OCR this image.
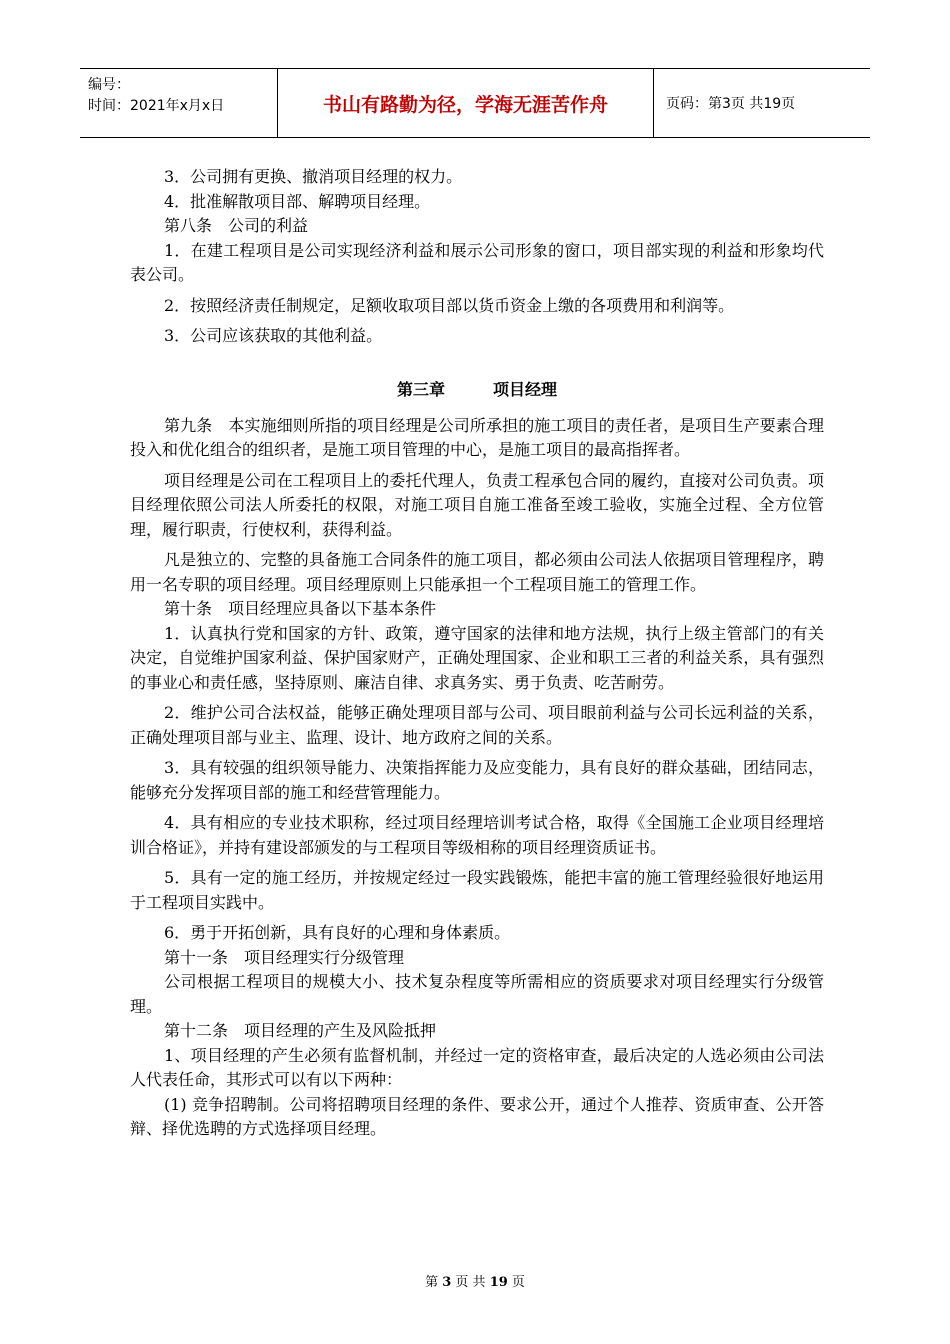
编号：
时间：2021年x月x日	书山有路勤为径，学海无涯苦作舟	页码：第3页 共19页

3．公司拥有更换、撤消项目经理的权力。

4．批准解散项目部、解聘项目经理。

第八条　公司的利益

1．在建工程项目是公司实现经济利益和展示公司形象的窗口，项目部实现的利益和形象均代表公司。

2．按照经济责任制规定，足额收取项目部以货币资金上缴的各项费用和利润等。

3．公司应该获取的其他利益。

第三章	项目经理

第九条　本实施细则所指的项目经理是公司所承担的施工项目的责任者，是项目生产要素合理投入和优化组合的组织者，是施工项目管理的中心，是施工项目的最高指挥者。

项目经理是公司在工程项目上的委托代理人，负责工程承包合同的履约，直接对公司负责。项目经理依照公司法人所委托的权限，对施工项目自施工准备至竣工验收，实施全过程、全方位管理，履行职责，行使权利，获得利益。

凡是独立的、完整的具备施工合同条件的施工项目，都必须由公司法人依据项目管理程序，聘用一名专职的项目经理。项目经理原则上只能承担一个工程项目施工的管理工作。

第十条　项目经理应具备以下基本条件

1．认真执行党和国家的方针、政策，遵守国家的法律和地方法规，执行上级主管部门的有关决定，自觉维护国家利益、保护国家财产，正确处理国家、企业和职工三者的利益关系，具有强烈的事业心和责任感，坚持原则、廉洁自律、求真务实、勇于负责、吃苦耐劳。

2．维护公司合法权益，能够正确处理项目部与公司、项目眼前利益与公司长远利益的关系，正确处理项目部与业主、监理、设计、地方政府之间的关系。

3．具有较强的组织领导能力、决策指挥能力及应变能力，具有良好的群众基础，团结同志，能够充分发挥项目部的施工和经营管理能力。

4．具有相应的专业技术职称，经过项目经理培训考试合格，取得《全国施工企业项目经理培训合格证》，并持有建设部颁发的与工程项目等级相称的项目经理资质证书。

5．具有一定的施工经历，并按规定经过一段实践锻炼，能把丰富的施工管理经验很好地运用于工程项目实践中。

6．勇于开拓创新，具有良好的心理和身体素质。

第十一条　项目经理实行分级管理

公司根据工程项目的规模大小、技术复杂程度等所需相应的资质要求对项目经理实行分级管理。

第十二条　项目经理的产生及风险抵押

1、项目经理的产生必须有监督机制，并经过一定的资格审查，最后决定的人选必须由公司法人代表任命，其形式可以有以下两种：

(1) 竞争招聘制。公司将招聘项目经理的条件、要求公开，通过个人推荐、资质审查、公开答辩、择优选聘的方式选择项目经理。

第 3 页 共 19 页
